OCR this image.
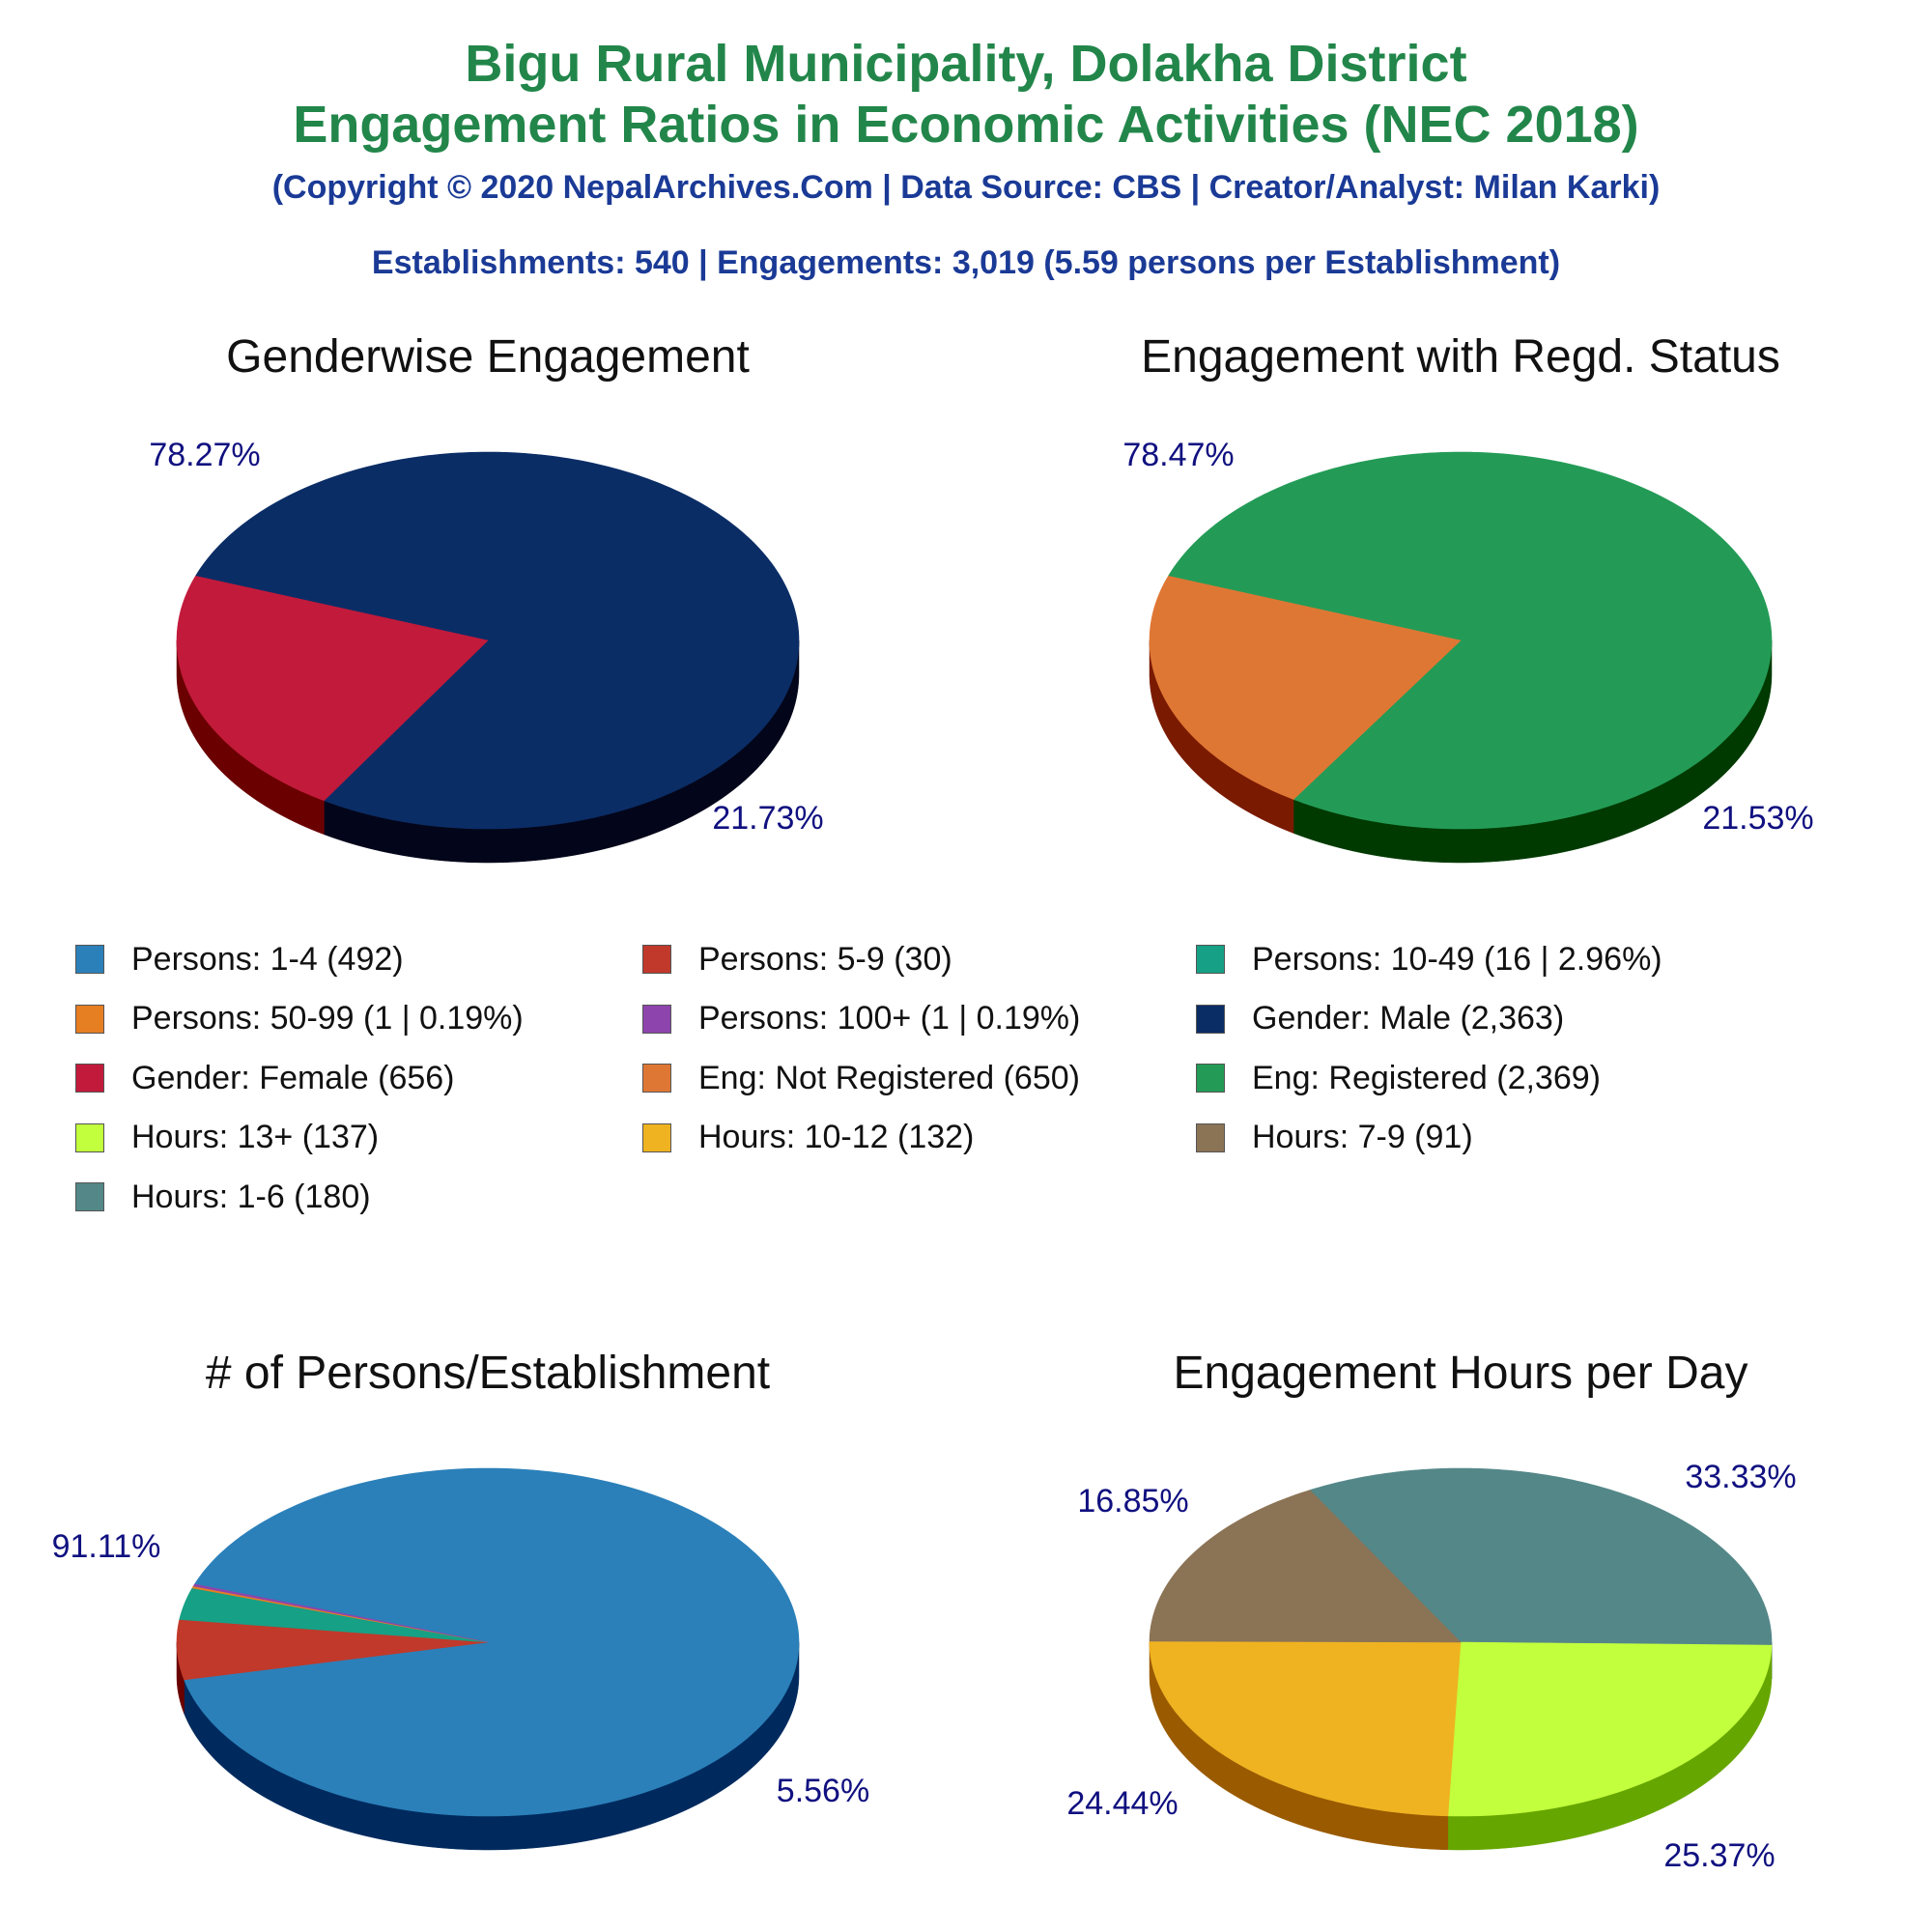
Bigu Rural Municipality, Dolakha District
Engagement Ratios in Economic Activities (NEC 2018)
(Copyright © 2020 NepalArchives.Com | Data Source: CBS | Creator/Analyst: Milan Karki)
Establishments: 540 | Engagements: 3,019 (5.59 persons per Establishment)
Genderwise Engagement
78.27%
21.73%
Engagement with Regd. Status
78.47%
21.53%
# of Persons/Establishment
91.11%
5.56%
Engagement Hours per Day
33.33%
25.37%
24.44%
16.85%
Persons: 1-4 (492)	Persons: 5-9 (30)	Persons: 10-49 (16 | 2.96%)
Persons: 50-99 (1 | 0.19%)	Persons: 100+ (1 | 0.19%)	Gender: Male (2,363)
Gender: Female (656)	Eng: Not Registered (650)	Eng: Registered (2,369)
Hours: 13+ (137)	Hours: 10-12 (132)	Hours: 7-9 (91)
Hours: 1-6 (180)
